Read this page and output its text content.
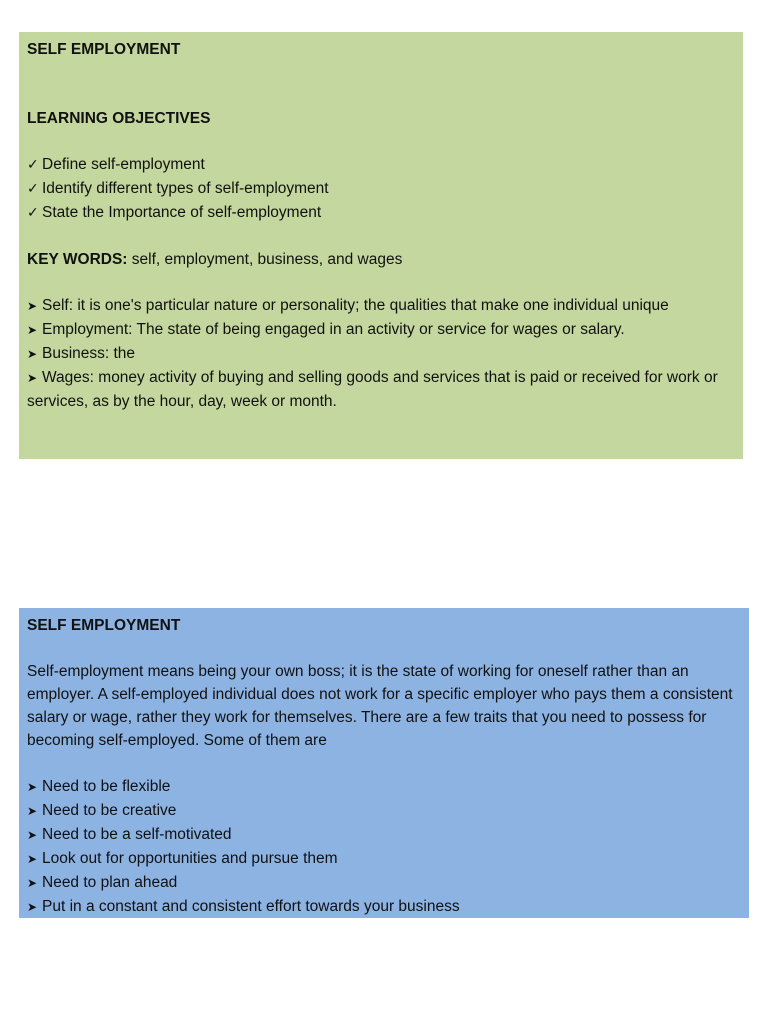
SELF EMPLOYMENT
LEARNING OBJECTIVES
✓ Define self-employment
✓ Identify different types of self-employment
✓ State the Importance of self-employment
KEY WORDS: self, employment, business, and wages
➤ Self: it is one's particular nature or personality; the qualities that make one individual unique
➤ Employment: The state of being engaged in an activity or service for wages or salary.
➤ Business: the
➤ Wages: money activity of buying and selling goods and services that is paid or received for work or services, as by the hour, day, week or month.
SELF EMPLOYMENT
Self-employment means being your own boss; it is the state of working for oneself rather than an employer. A self-employed individual does not work for a specific employer who pays them a consistent salary or wage, rather they work for themselves. There are a few traits that you need to possess for becoming self-employed. Some of them are
➤ Need to be flexible
➤ Need to be creative
➤ Need to be a self-motivated
➤ Look out for opportunities and pursue them
➤ Need to plan ahead
➤ Put in a constant and consistent effort towards your business
